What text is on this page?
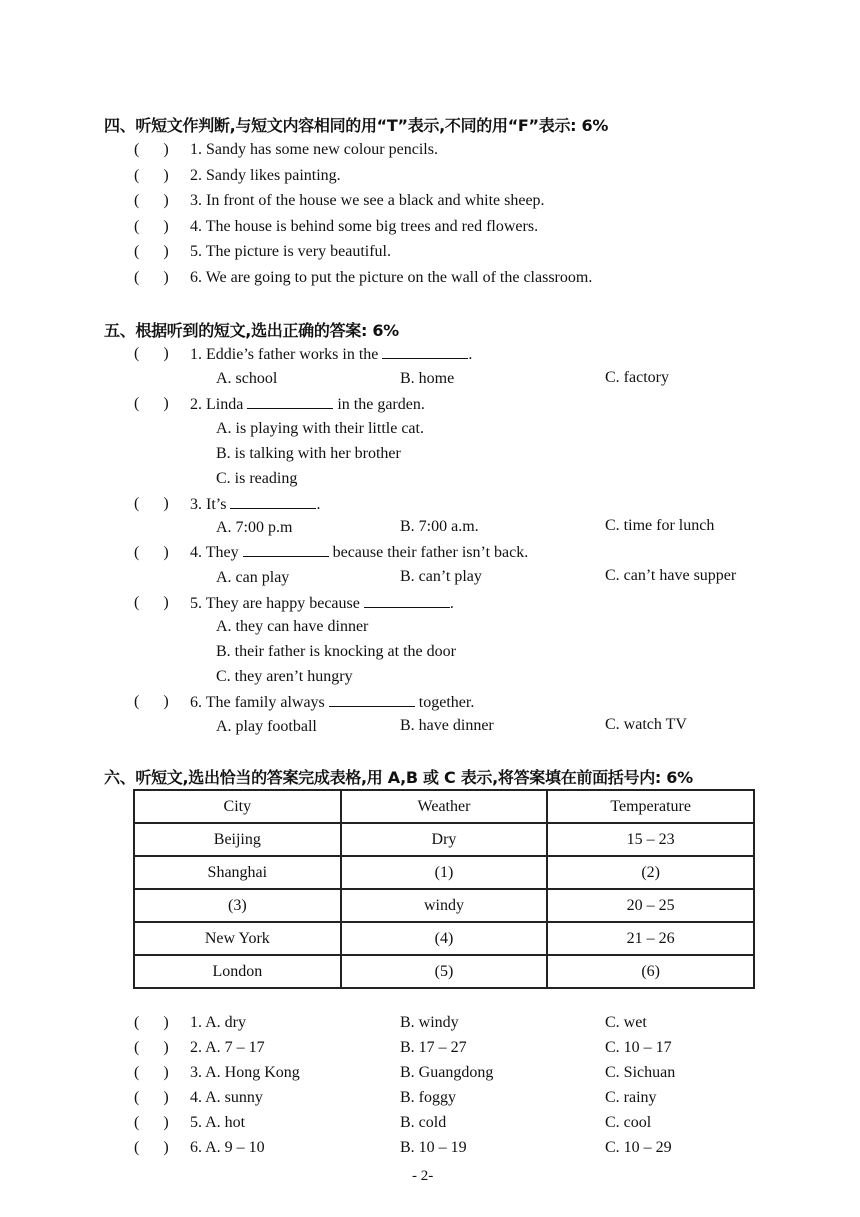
四、听短文作判断,与短文内容相同的用“T”表示,不同的用“F”表示: 6%
(      ) 1. Sandy has some new colour pencils.
(      ) 2. Sandy likes painting.
(      ) 3. In front of the house we see a black and white sheep.
(      ) 4. The house is behind some big trees and red flowers.
(      ) 5. The picture is very beautiful.
(      ) 6. We are going to put the picture on the wall of the classroom.
五、根据听到的短文,选出正确的答案: 6%
(      ) 1. Eddie’s father works in the	.
A. school	B. home	C. factory
(      ) 2. Linda	in the garden.
A. is playing with their little cat.
B. is talking with her brother
C. is reading
(      ) 3. It’s	.
A. 7:00 p.m	B. 7:00 a.m.	C. time for lunch
(      ) 4. They	because their father isn’t back.
A. can play	B. can’t play	C. can’t have supper
(      ) 5. They are happy because	.
A. they can have dinner
B. their father is knocking at the door
C. they aren’t hungry
(      ) 6. The family always	together.
A. play football	B. have dinner	C. watch TV
六、听短文,选出恰当的答案完成表格,用 A,B 或 C 表示,将答案填在前面括号内: 6%
City	Weather	Temperature
Beijing	Dry	15 – 23
Shanghai	(1)	(2)
(3)	windy	20 – 25
New York	(4)	21 – 26
London	(5)	(6)
(      ) 1. A. dry	B. windy	C. wet
(      ) 2. A. 7 – 17	B. 17 – 27	C. 10 – 17
(      ) 3. A. Hong Kong	B. Guangdong	C. Sichuan
(      ) 4. A. sunny	B. foggy	C. rainy
(      ) 5. A. hot	B. cold	C. cool
(      ) 6. A. 9 – 10	B. 10 – 19	C. 10 – 29
- 2-
